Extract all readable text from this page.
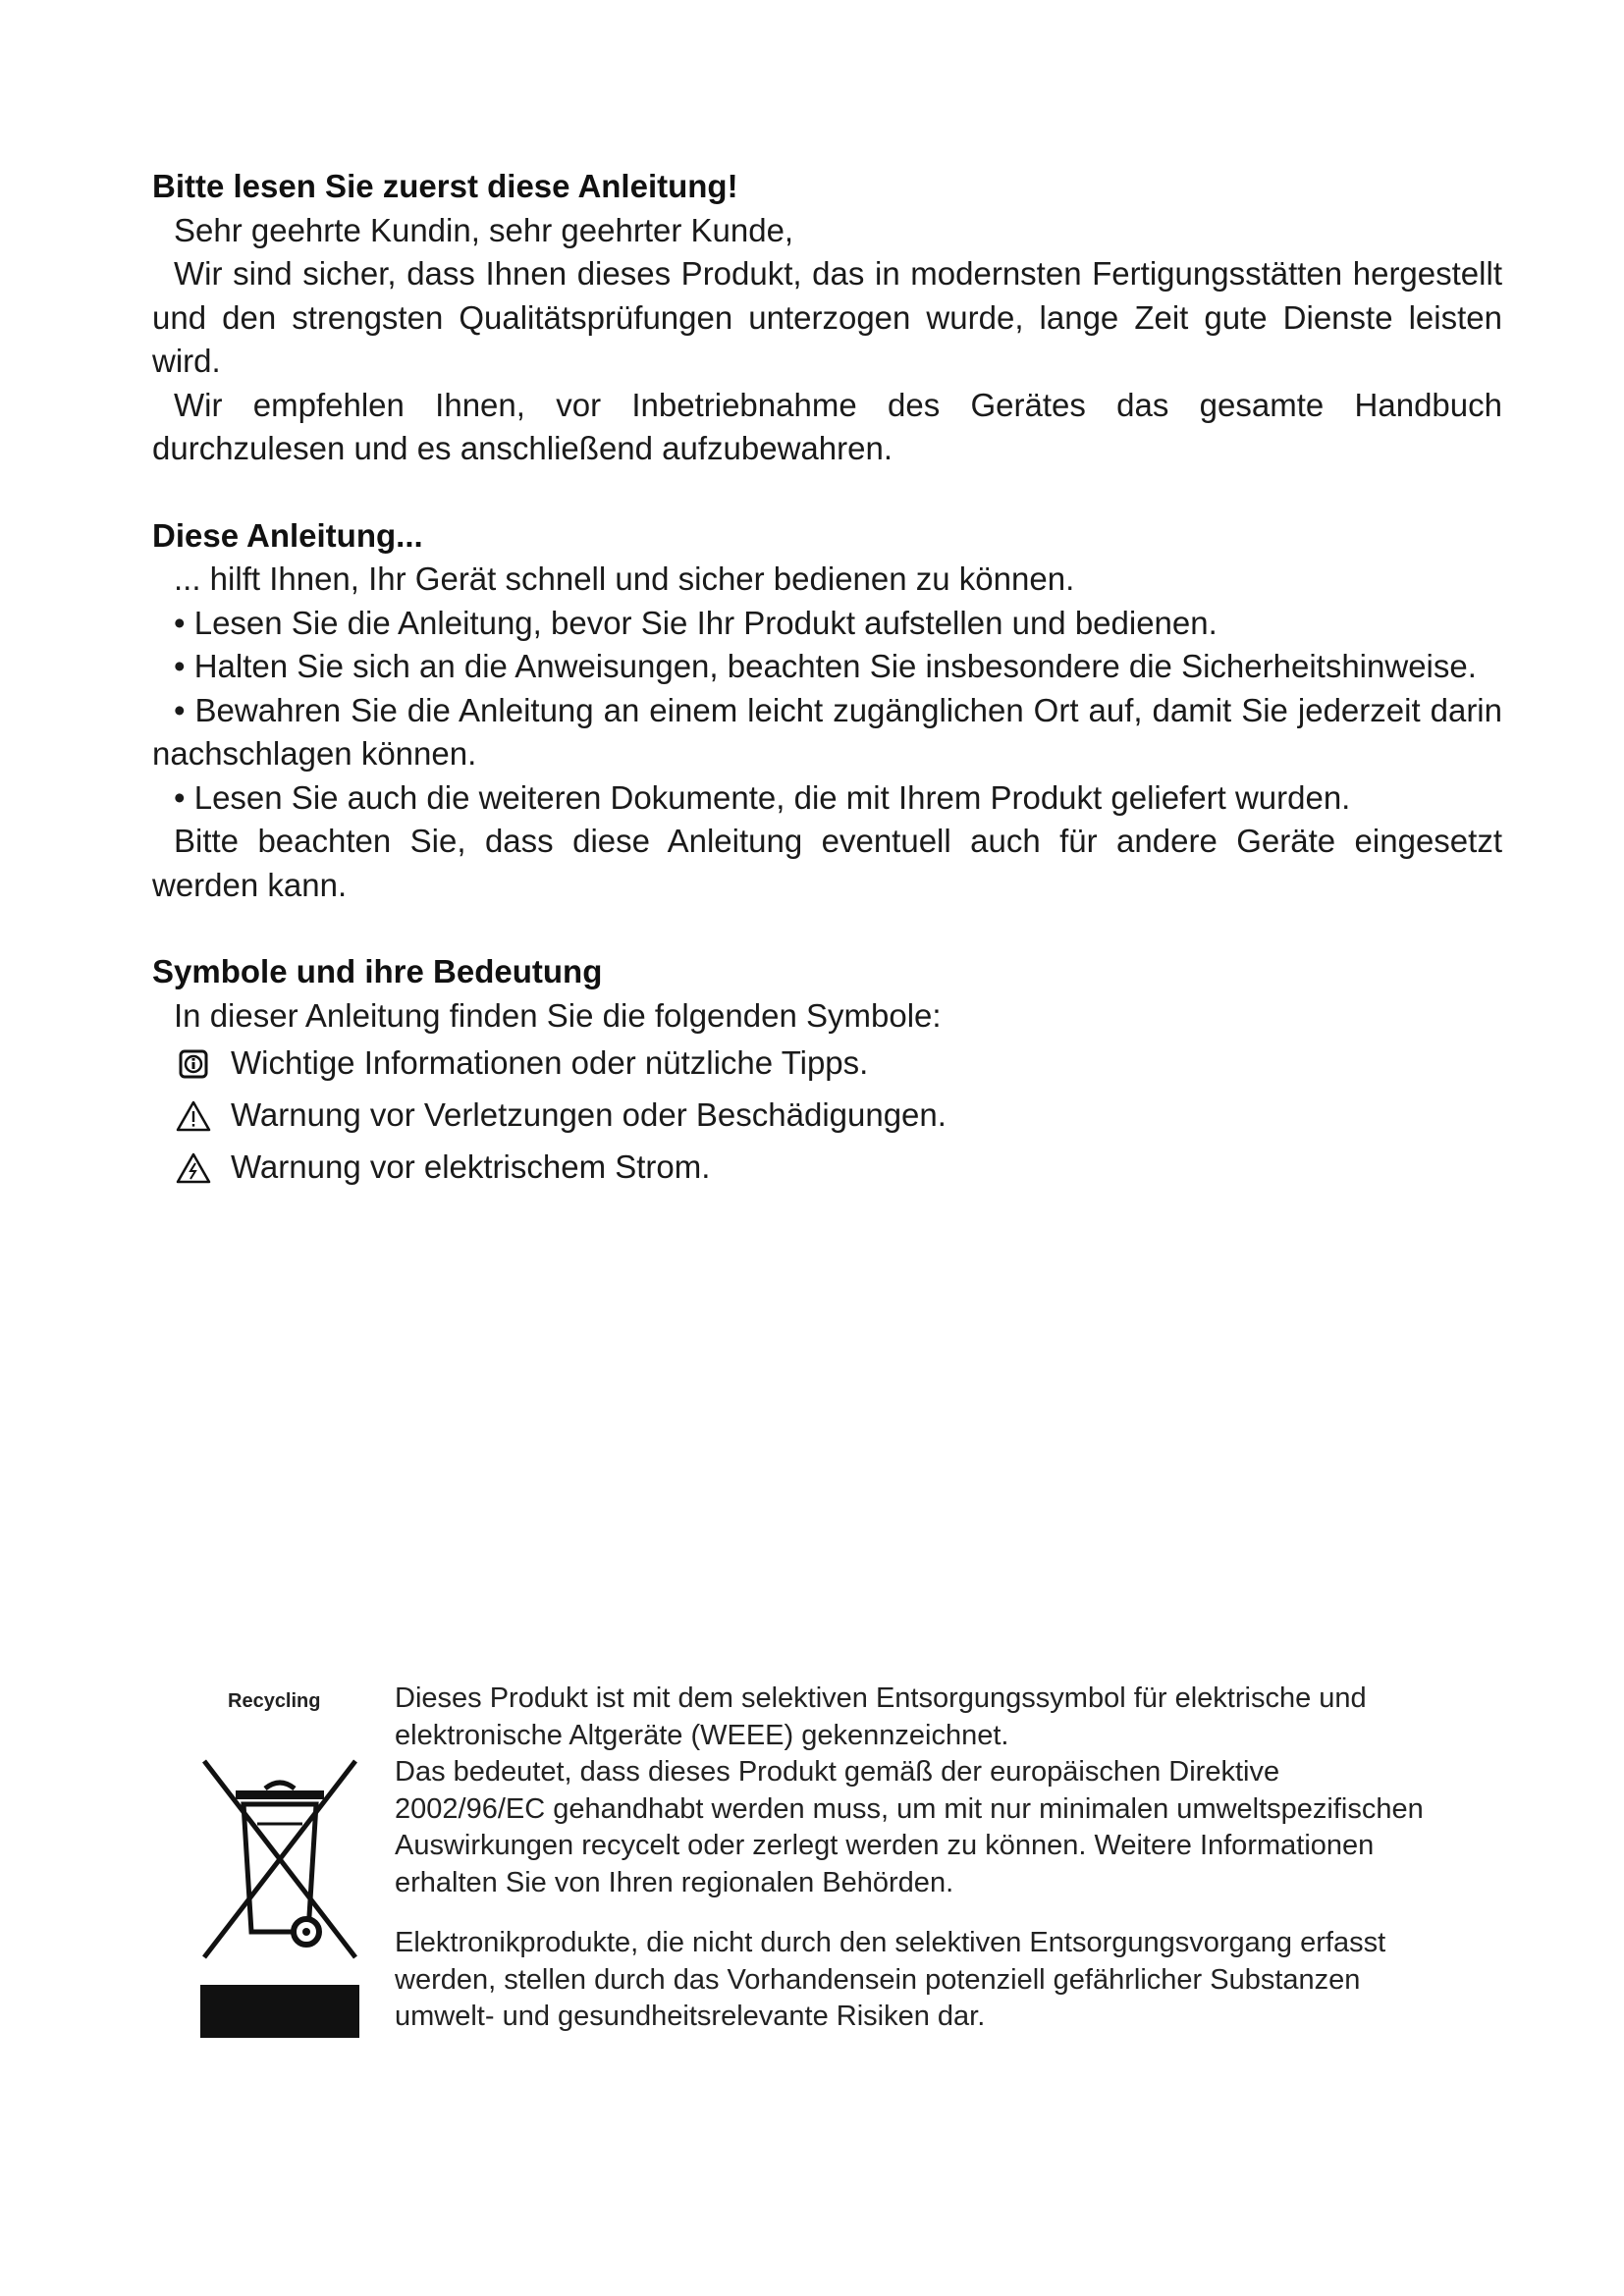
Bitte lesen Sie zuerst diese Anleitung!

Sehr geehrte Kundin, sehr geehrter Kunde,

Wir sind sicher, dass Ihnen dieses Produkt, das in modernsten Fertigungsstätten hergestellt und den strengsten Qualitätsprüfungen unterzogen wurde, lange Zeit gute Dienste leisten wird.

Wir empfehlen Ihnen, vor Inbetriebnahme des Gerätes das gesamte Handbuch durchzulesen und es anschließend aufzubewahren.

Diese Anleitung...

... hilft Ihnen, Ihr Gerät schnell und sicher bedienen zu können.

• Lesen Sie die Anleitung, bevor Sie Ihr Produkt aufstellen und bedienen.

• Halten Sie sich an die Anweisungen, beachten Sie insbesondere die Sicherheitshinweise.

• Bewahren Sie die Anleitung an einem leicht zugänglichen Ort auf, damit Sie jederzeit darin nachschlagen können.

• Lesen Sie auch die weiteren Dokumente, die mit Ihrem Produkt geliefert wurden.

Bitte beachten Sie, dass diese Anleitung eventuell auch für andere Geräte eingesetzt werden kann.

Symbole und ihre Bedeutung

In dieser Anleitung finden Sie die folgenden Symbole:

Wichtige Informationen oder nützliche Tipps.
Warnung vor Verletzungen oder Beschädigungen.
Warnung vor elektrischem Strom.
Recycling	Dieses Produkt ist mit dem selektiven Entsorgungssymbol für elektrische und elektronische Altgeräte (WEEE) gekennzeichnet.

Das bedeutet, dass dieses Produkt gemäß der europäischen Direktive 2002/96/EC gehandhabt werden muss, um mit nur minimalen umweltspezifischen Auswirkungen recycelt oder zerlegt werden zu können. Weitere Informationen erhalten Sie von Ihren regionalen Behörden.

Elektronikprodukte, die nicht durch den selektiven Entsorgungsvorgang erfasst werden, stellen durch das Vorhandensein potenziell gefährlicher Substanzen umwelt- und gesundheitsrelevante Risiken dar.
